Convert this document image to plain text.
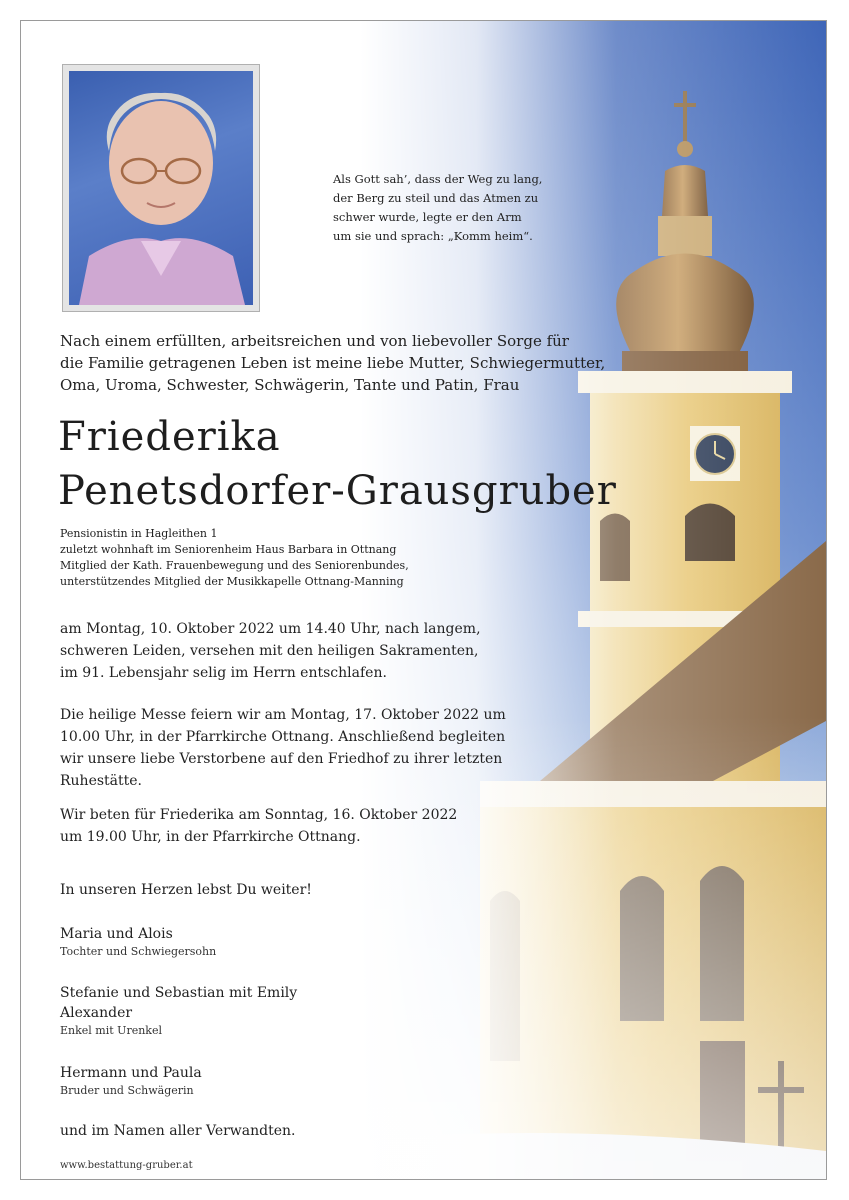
Als Gott sah’, dass der Weg zu lang,
der Berg zu steil und das Atmen zu
schwer wurde, legte er den Arm
um sie und sprach: „Komm heim“.
Nach einem erfüllten, arbeitsreichen und von liebevoller Sorge für
die Familie getragenen Leben ist meine liebe Mutter, Schwiegermutter,
Oma, Uroma, Schwester, Schwägerin, Tante und Patin, Frau
Friederika
Penetsdorfer-Grausgruber
Pensionistin in Hagleithen 1
zuletzt wohnhaft im Seniorenheim Haus Barbara in Ottnang
Mitglied der Kath. Frauenbewegung und des Seniorenbundes,
unterstützendes Mitglied der Musikkapelle Ottnang-Manning
am Montag, 10. Oktober 2022 um 14.40 Uhr, nach langem,
schweren Leiden, versehen mit den heiligen Sakramenten,
im 91. Lebensjahr selig im Herrn entschlafen.
Die heilige Messe feiern wir am Montag, 17. Oktober 2022 um
10.00 Uhr, in der Pfarrkirche Ottnang. Anschließend begleiten
wir unsere liebe Verstorbene auf den Friedhof zu ihrer letzten
Ruhestätte.
Wir beten für Friederika am Sonntag, 16. Oktober 2022
um 19.00 Uhr, in der Pfarrkirche Ottnang.
In unseren Herzen lebst Du weiter!
Maria und Alois
Tochter und Schwiegersohn
Stefanie und Sebastian mit Emily
Alexander
Enkel mit Urenkel
Hermann und Paula
Bruder und Schwägerin
und im Namen aller Verwandten.
www.bestattung-gruber.at
